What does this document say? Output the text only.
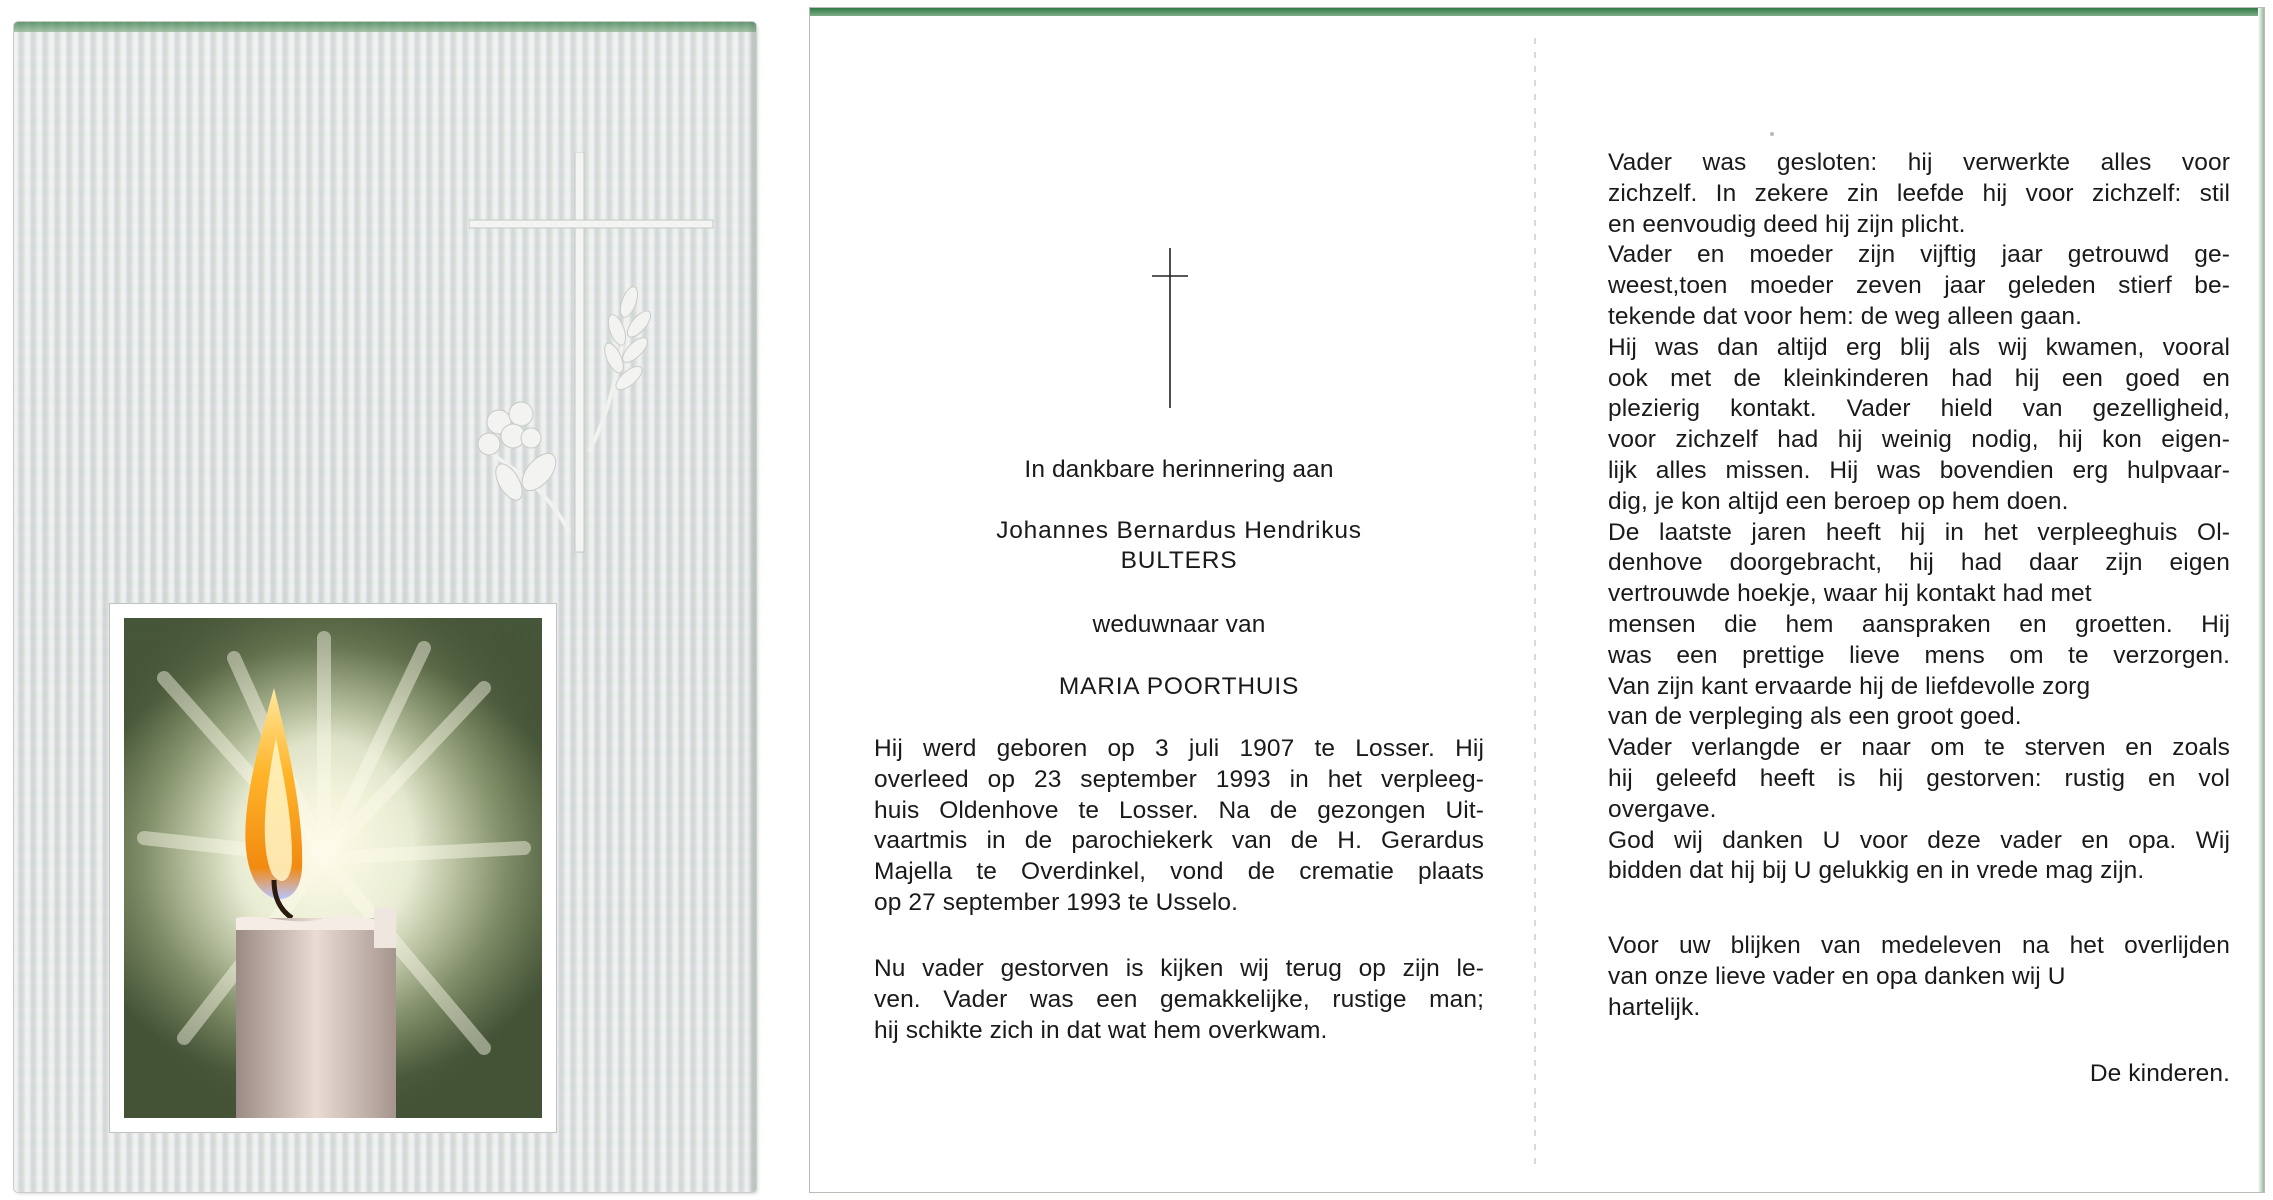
In dankbare herinnering aan
Johannes Bernardus Hendrikus
BULTERS
weduwnaar van
MARIA POORTHUIS
Hij werd geboren op 3 juli 1907 te Losser. Hij
overleed op 23 september 1993 in het verpleeg-
huis Oldenhove te Losser. Na de gezongen Uit-
vaartmis in de parochiekerk van de H. Gerardus
Majella te Overdinkel, vond de crematie plaats
op 27 september 1993 te Usselo.
Nu vader gestorven is kijken wij terug op zijn le-
ven. Vader was een gemakkelijke, rustige man;
hij schikte zich in dat wat hem overkwam.
Vader was gesloten: hij verwerkte alles voor
zichzelf. In zekere zin leefde hij voor zichzelf: stil
en eenvoudig deed hij zijn plicht.
Vader en moeder zijn vijftig jaar getrouwd ge-
weest,toen moeder zeven jaar geleden stierf be-
tekende dat voor hem: de weg alleen gaan.
Hij was dan altijd erg blij als wij kwamen, vooral
ook met de kleinkinderen had hij een goed en
plezierig kontakt. Vader hield van gezelligheid,
voor zichzelf had hij weinig nodig, hij kon eigen-
lijk alles missen. Hij was bovendien erg hulpvaar-
dig, je kon altijd een beroep op hem doen.
De laatste jaren heeft hij in het verpleeghuis Ol-
denhove doorgebracht, hij had daar zijn eigen
vertrouwde hoekje, waar hij kontakt had met
mensen die hem aanspraken en groetten. Hij
was een prettige lieve mens om te verzorgen.
Van zijn kant ervaarde hij de liefdevolle zorg
van de verpleging als een groot goed.
Vader verlangde er naar om te sterven en zoals
hij geleefd heeft is hij gestorven: rustig en vol
overgave.
God wij danken U voor deze vader en opa. Wij
bidden dat hij bij U gelukkig en in vrede mag zijn.
Voor uw blijken van medeleven na het overlijden
van onze lieve vader en opa danken wij U
hartelijk.
De kinderen.
